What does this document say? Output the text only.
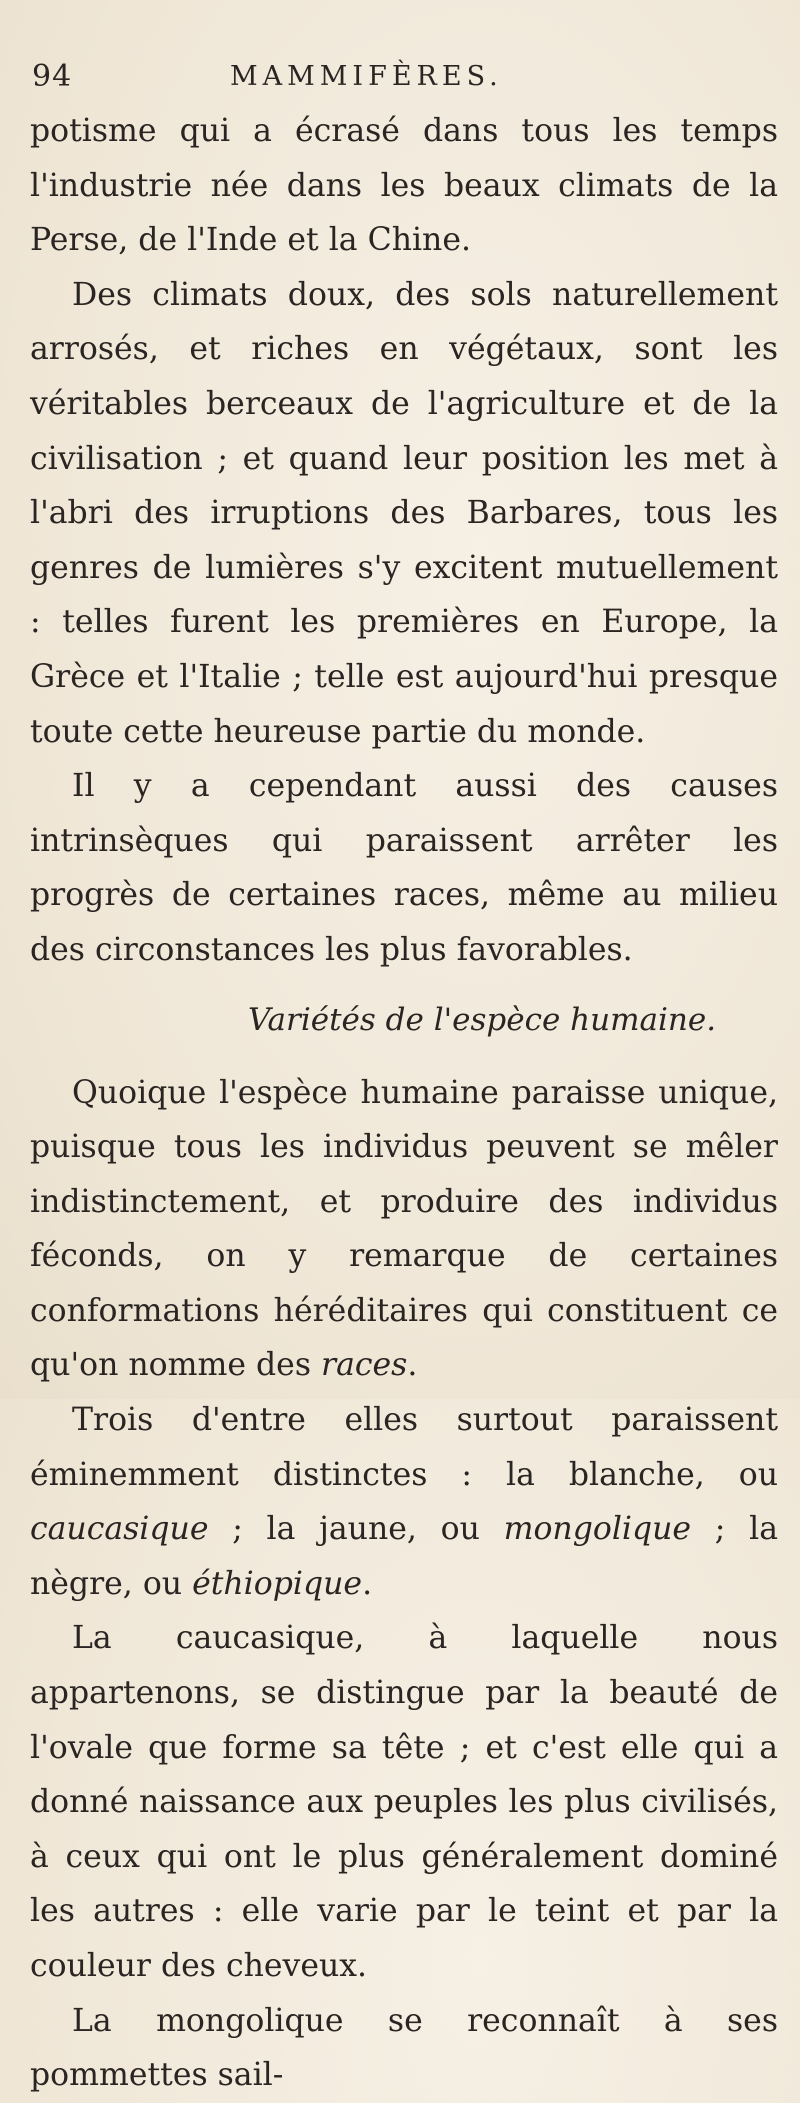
94	MAMMIFÈRES.

potisme qui a écrasé dans tous les temps l'industrie née dans les beaux climats de la Perse, de l'Inde et la Chine.

Des climats doux, des sols naturellement arrosés, et riches en végétaux, sont les véritables berceaux de l'agriculture et de la civilisation ; et quand leur position les met à l'abri des irruptions des Barbares, tous les genres de lumières s'y excitent mutuellement : telles furent les premières en Europe, la Grèce et l'Italie ; telle est aujourd'hui presque toute cette heureuse partie du monde.

Il y a cependant aussi des causes intrinsèques qui paraissent arrêter les progrès de certaines races, même au milieu des circonstances les plus favorables.

Variétés de l'espèce humaine.

Quoique l'espèce humaine paraisse unique, puisque tous les individus peuvent se mêler indistinctement, et produire des individus féconds, on y remarque de certaines conformations héréditaires qui constituent ce qu'on nomme des races.

Trois d'entre elles surtout paraissent éminemment distinctes : la blanche, ou caucasique ; la jaune, ou mongolique ; la nègre, ou éthiopique.

La caucasique, à laquelle nous appartenons, se distingue par la beauté de l'ovale que forme sa tête ; et c'est elle qui a donné naissance aux peuples les plus civilisés, à ceux qui ont le plus généralement dominé les autres : elle varie par le teint et par la couleur des cheveux.

La mongolique se reconnaît à ses pommettes sail-
